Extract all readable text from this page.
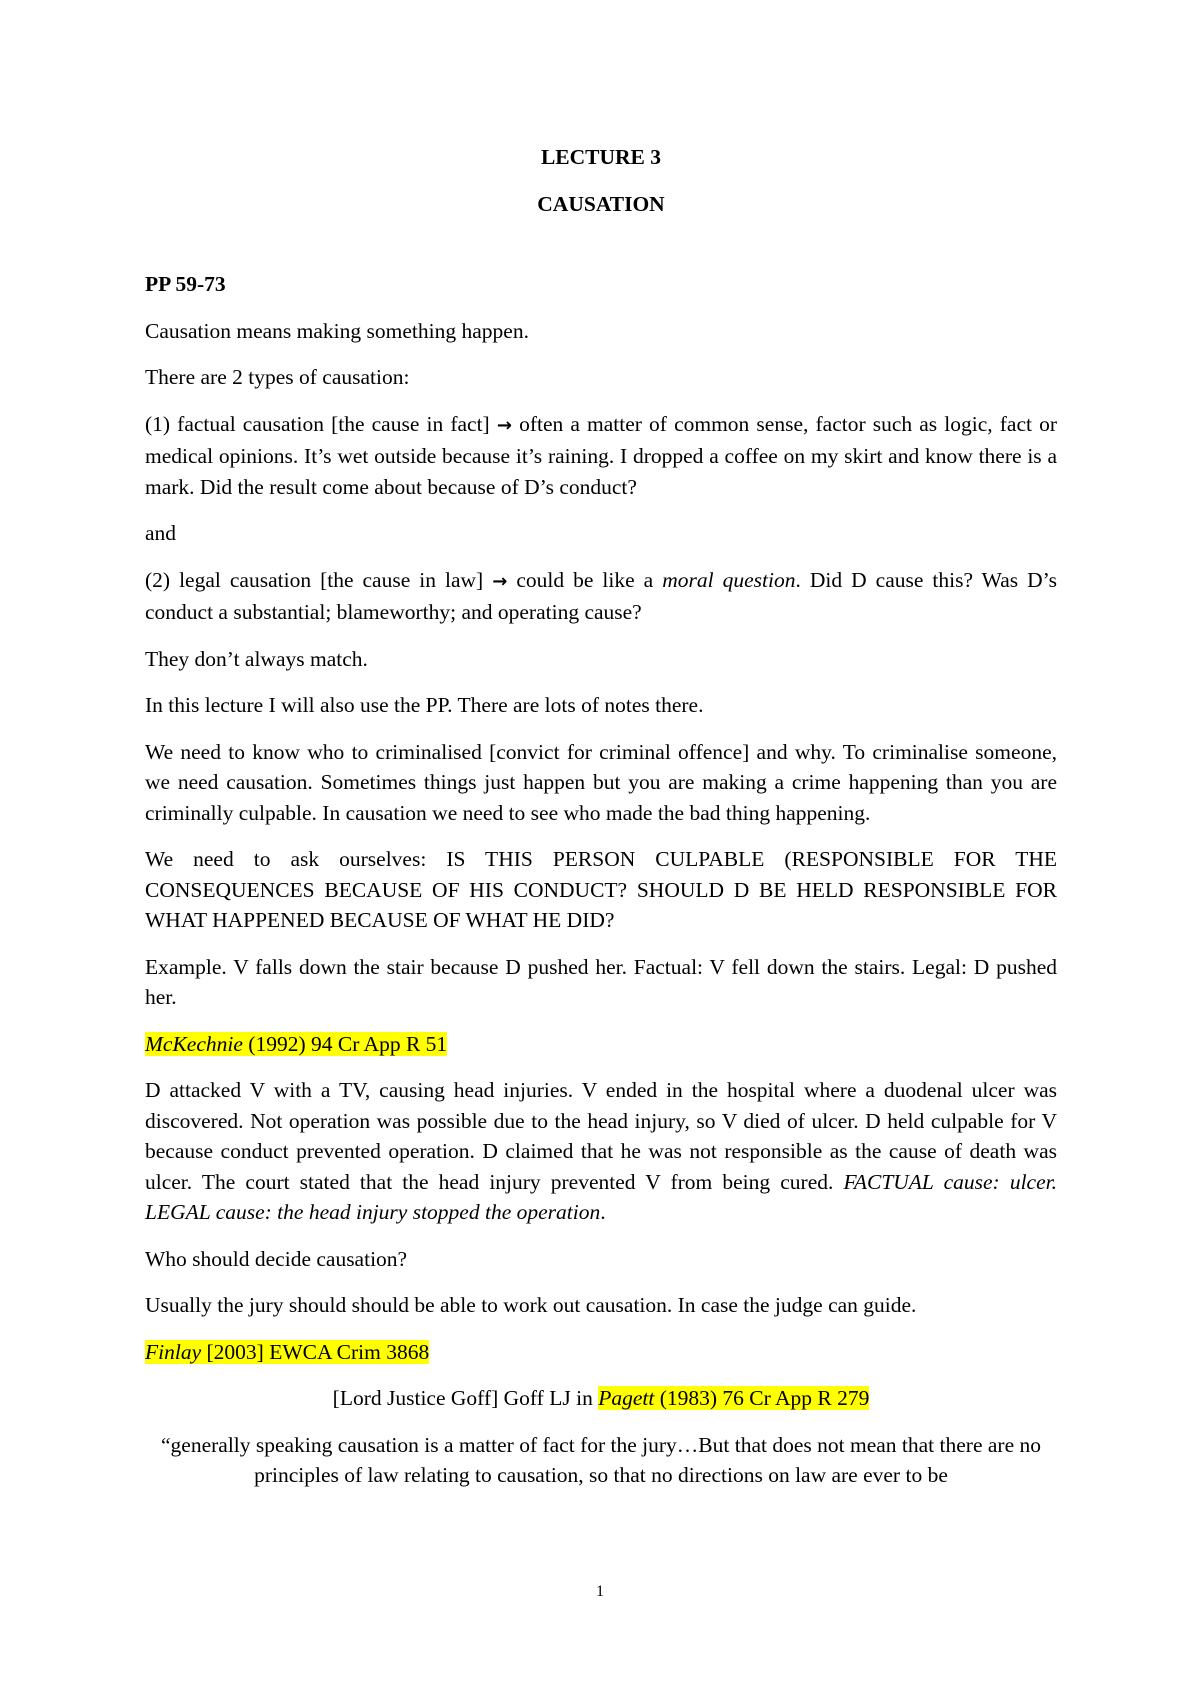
LECTURE 3

CAUSATION

PP 59-73

Causation means making something happen.

There are 2 types of causation:

(1) factual causation [the cause in fact] → often a matter of common sense, factor such as logic, fact or medical opinions. It’s wet outside because it’s raining. I dropped a coffee on my skirt and know there is a mark. Did the result come about because of D’s conduct?

and

(2) legal causation [the cause in law] → could be like a moral question. Did D cause this? Was D’s conduct a substantial; blameworthy; and operating cause?

They don’t always match.

In this lecture I will also use the PP. There are lots of notes there.

We need to know who to criminalised [convict for criminal offence] and why. To criminalise someone, we need causation. Sometimes things just happen but you are making a crime happening than you are criminally culpable. In causation we need to see who made the bad thing happening.

We need to ask ourselves: IS THIS PERSON CULPABLE (RESPONSIBLE FOR THE CONSEQUENCES BECAUSE OF HIS CONDUCT? SHOULD D BE HELD RESPONSIBLE FOR WHAT HAPPENED BECAUSE OF WHAT HE DID?

Example. V falls down the stair because D pushed her. Factual: V fell down the stairs. Legal: D pushed her.

McKechnie (1992) 94 Cr App R 51

D attacked V with a TV, causing head injuries. V ended in the hospital where a duodenal ulcer was discovered. Not operation was possible due to the head injury, so V died of ulcer. D held culpable for V because conduct prevented operation. D claimed that he was not responsible as the cause of death was ulcer. The court stated that the head injury prevented V from being cured. FACTUAL cause: ulcer. LEGAL cause: the head injury stopped the operation.

Who should decide causation?

Usually the jury should should be able to work out causation. In case the judge can guide.

Finlay [2003] EWCA Crim 3868

[Lord Justice Goff] Goff LJ in Pagett (1983) 76 Cr App R 279

“generally speaking causation is a matter of fact for the jury…But that does not mean that there are no principles of law relating to causation, so that no directions on law are ever to be

1
